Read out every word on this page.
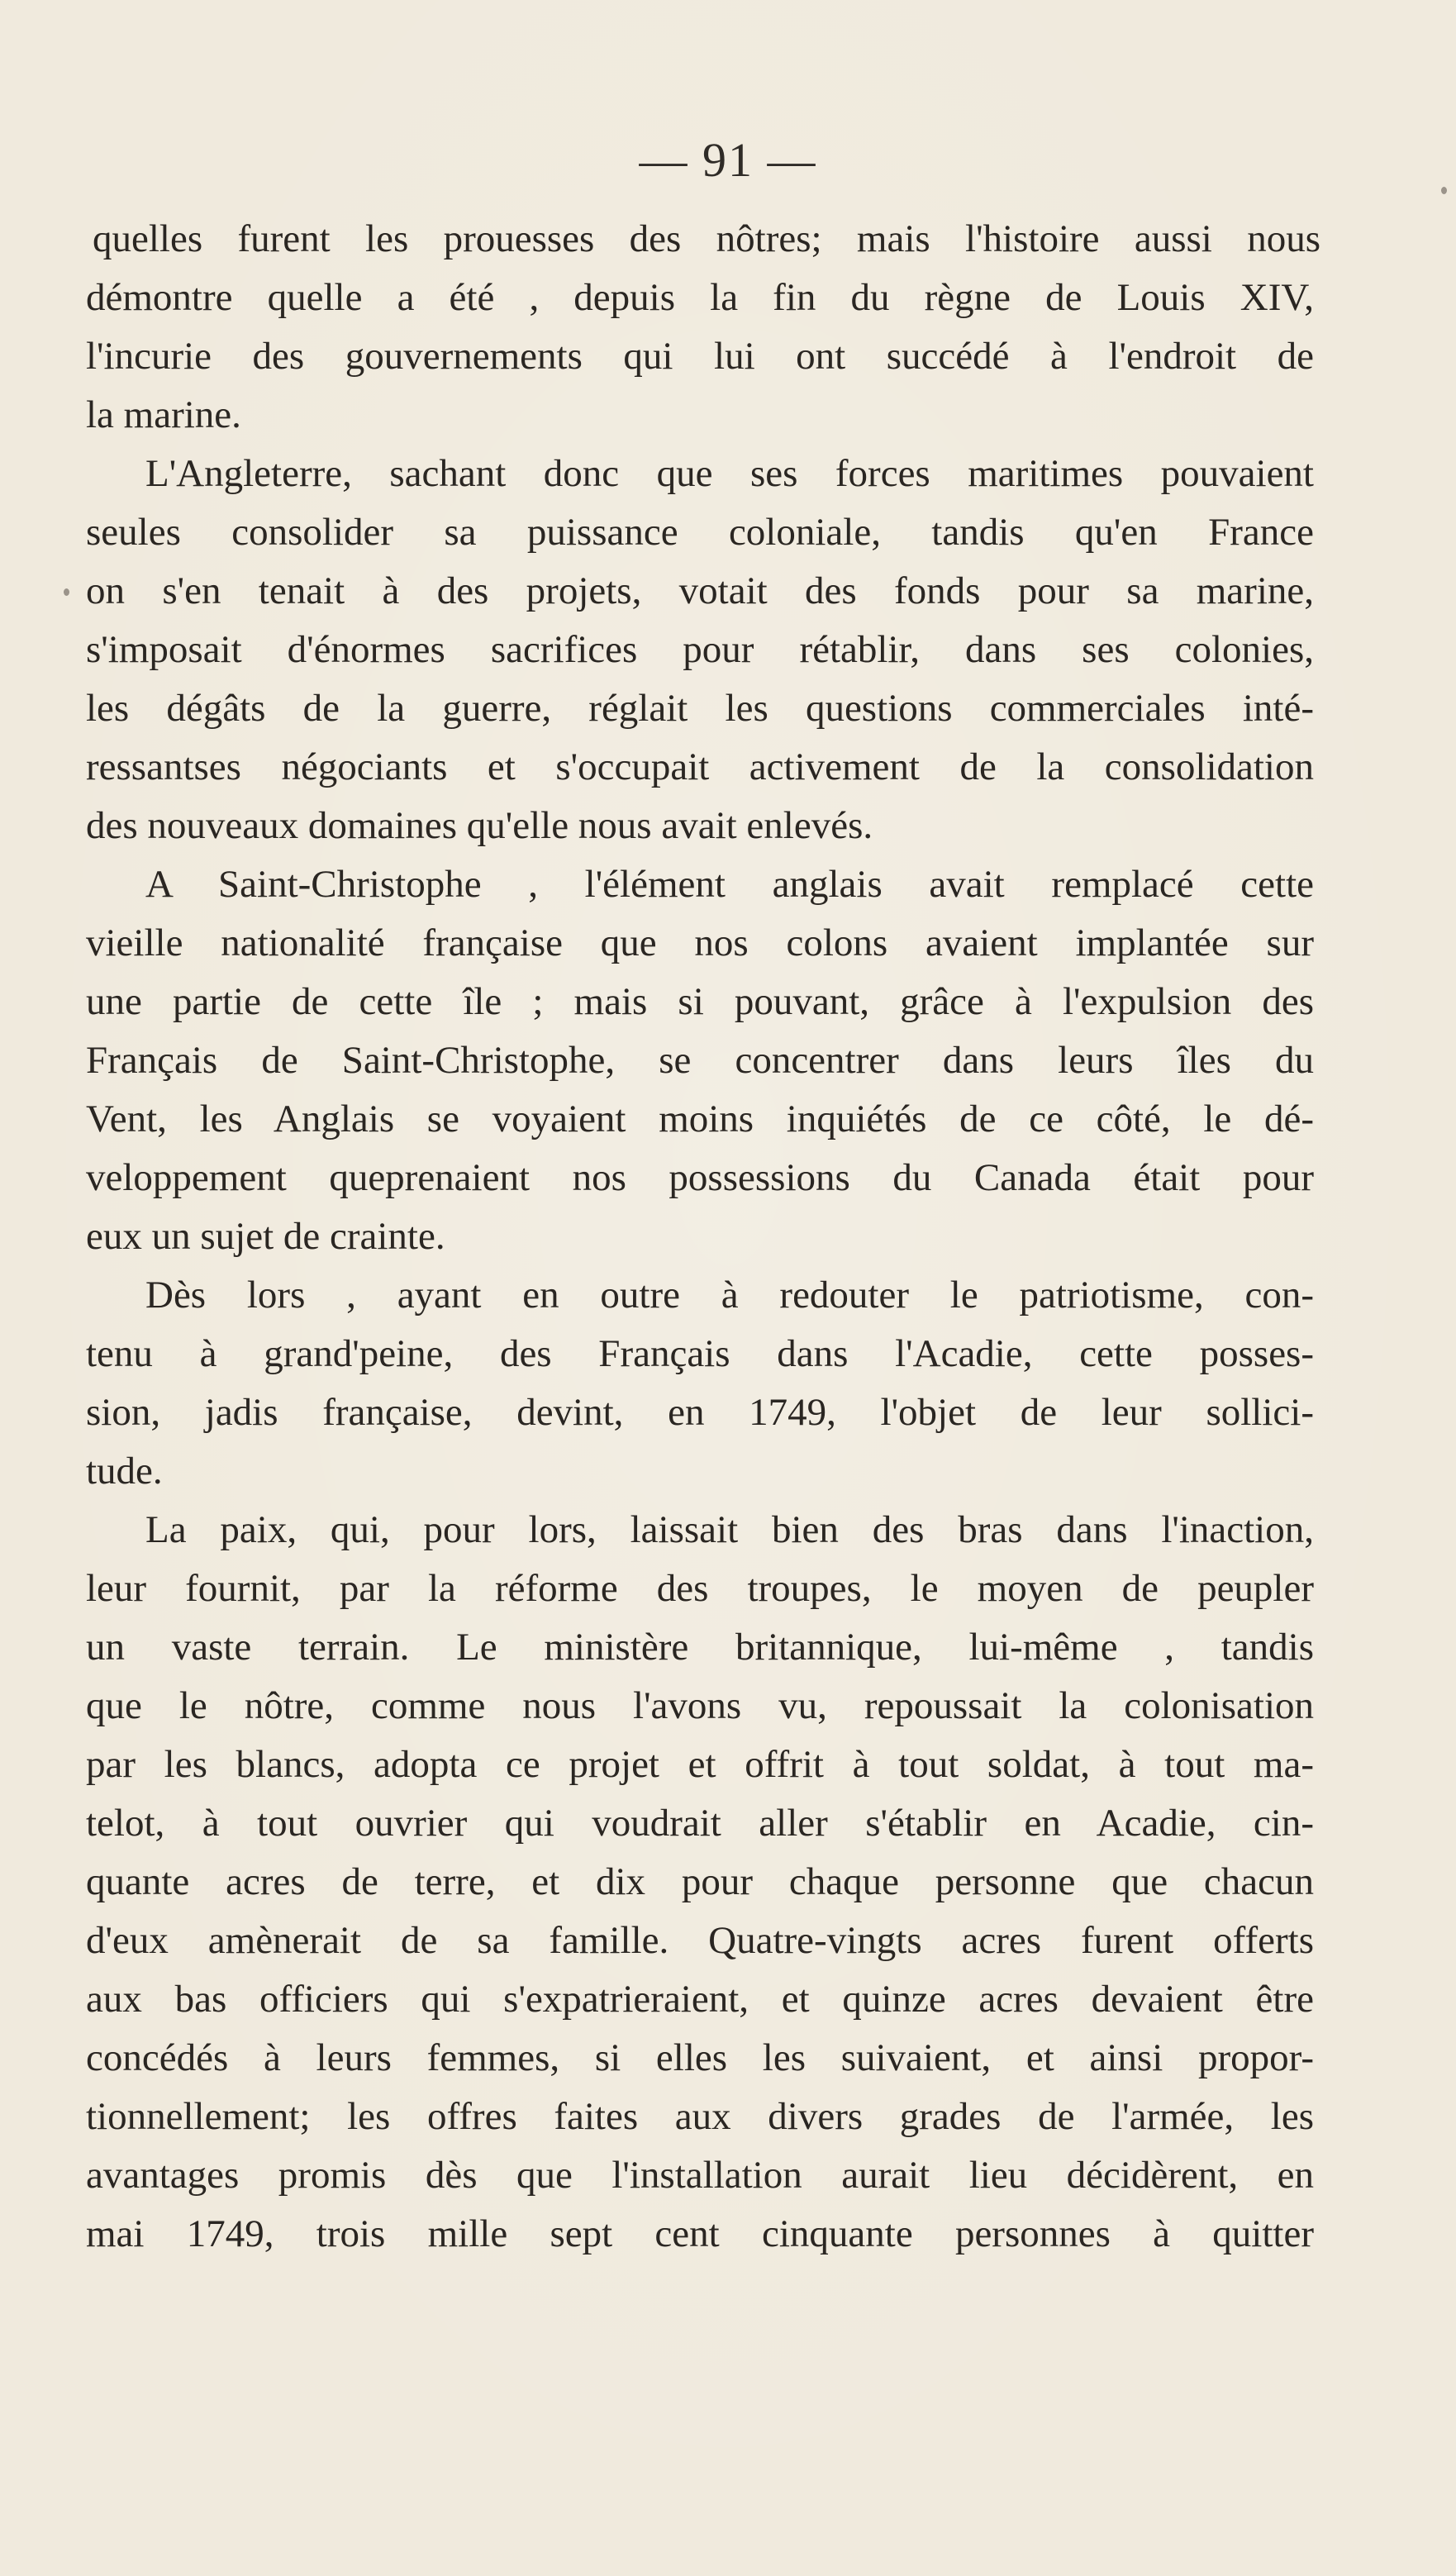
— 91 —
quelles furent les prouesses des nôtres; mais l'histoire aussi nous
démontre quelle a été , depuis la fin du règne de Louis XIV,
l'incurie des gouvernements qui lui ont succédé à l'endroit de
la marine.
L'Angleterre, sachant donc que ses forces maritimes pouvaient
seules consolider sa puissance coloniale, tandis qu'en France
on s'en tenait à des projets, votait des fonds pour sa marine,
s'imposait d'énormes sacrifices pour rétablir, dans ses colonies,
les dégâts de la guerre, réglait les questions commerciales inté-
ressantses négociants et s'occupait activement de la consolidation
des nouveaux domaines qu'elle nous avait enlevés.
A Saint-Christophe , l'élément anglais avait remplacé cette
vieille nationalité française que nos colons avaient implantée sur
une partie de cette île ; mais si pouvant, grâce à l'expulsion des
Français de Saint-Christophe, se concentrer dans leurs îles du
Vent, les Anglais se voyaient moins inquiétés de ce côté, le dé-
veloppement queprenaient nos possessions du Canada était pour
eux un sujet de crainte.
Dès lors , ayant en outre à redouter le patriotisme, con-
tenu à grand'peine, des Français dans l'Acadie, cette posses-
sion, jadis française, devint, en 1749, l'objet de leur sollici-
tude.
La paix, qui, pour lors, laissait bien des bras dans l'inaction,
leur fournit, par la réforme des troupes, le moyen de peupler
un vaste terrain. Le ministère britannique, lui-même , tandis
que le nôtre, comme nous l'avons vu, repoussait la colonisation
par les blancs, adopta ce projet et offrit à tout soldat, à tout ma-
telot, à tout ouvrier qui voudrait aller s'établir en Acadie, cin-
quante acres de terre, et dix pour chaque personne que chacun
d'eux amènerait de sa famille. Quatre-vingts acres furent offerts
aux bas officiers qui s'expatrieraient, et quinze acres devaient être
concédés à leurs femmes, si elles les suivaient, et ainsi propor-
tionnellement; les offres faites aux divers grades de l'armée, les
avantages promis dès que l'installation aurait lieu décidèrent, en
mai 1749, trois mille sept cent cinquante personnes à quitter
